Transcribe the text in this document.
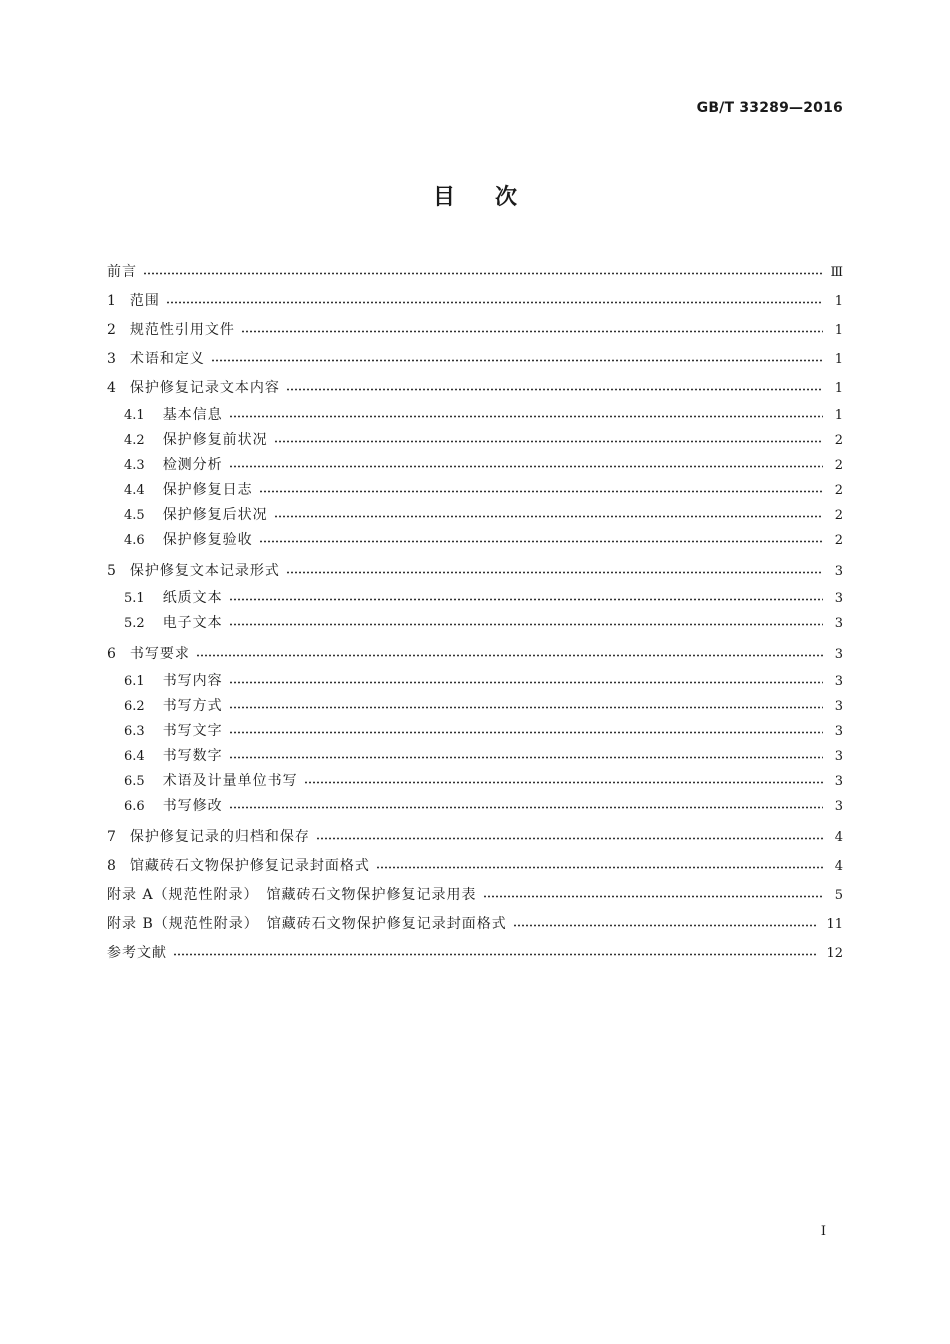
GB/T 33289—2016
目次
前言	Ⅲ
1 范围	1
2 规范性引用文件	1
3 术语和定义	1
4 保护修复记录文本内容	1
4.1 基本信息	1
4.2 保护修复前状况	2
4.3 检测分析	2
4.4 保护修复日志	2
4.5 保护修复后状况	2
4.6 保护修复验收	2
5 保护修复文本记录形式	3
5.1 纸质文本	3
5.2 电子文本	3
6 书写要求	3
6.1 书写内容	3
6.2 书写方式	3
6.3 书写文字	3
6.4 书写数字	3
6.5 术语及计量单位书写	3
6.6 书写修改	3
7 保护修复记录的归档和保存	4
8 馆藏砖石文物保护修复记录封面格式	4
附录 A（规范性附录）　馆藏砖石文物保护修复记录用表	5
附录 B（规范性附录）　馆藏砖石文物保护修复记录封面格式	11
参考文献	12
Ⅰ
